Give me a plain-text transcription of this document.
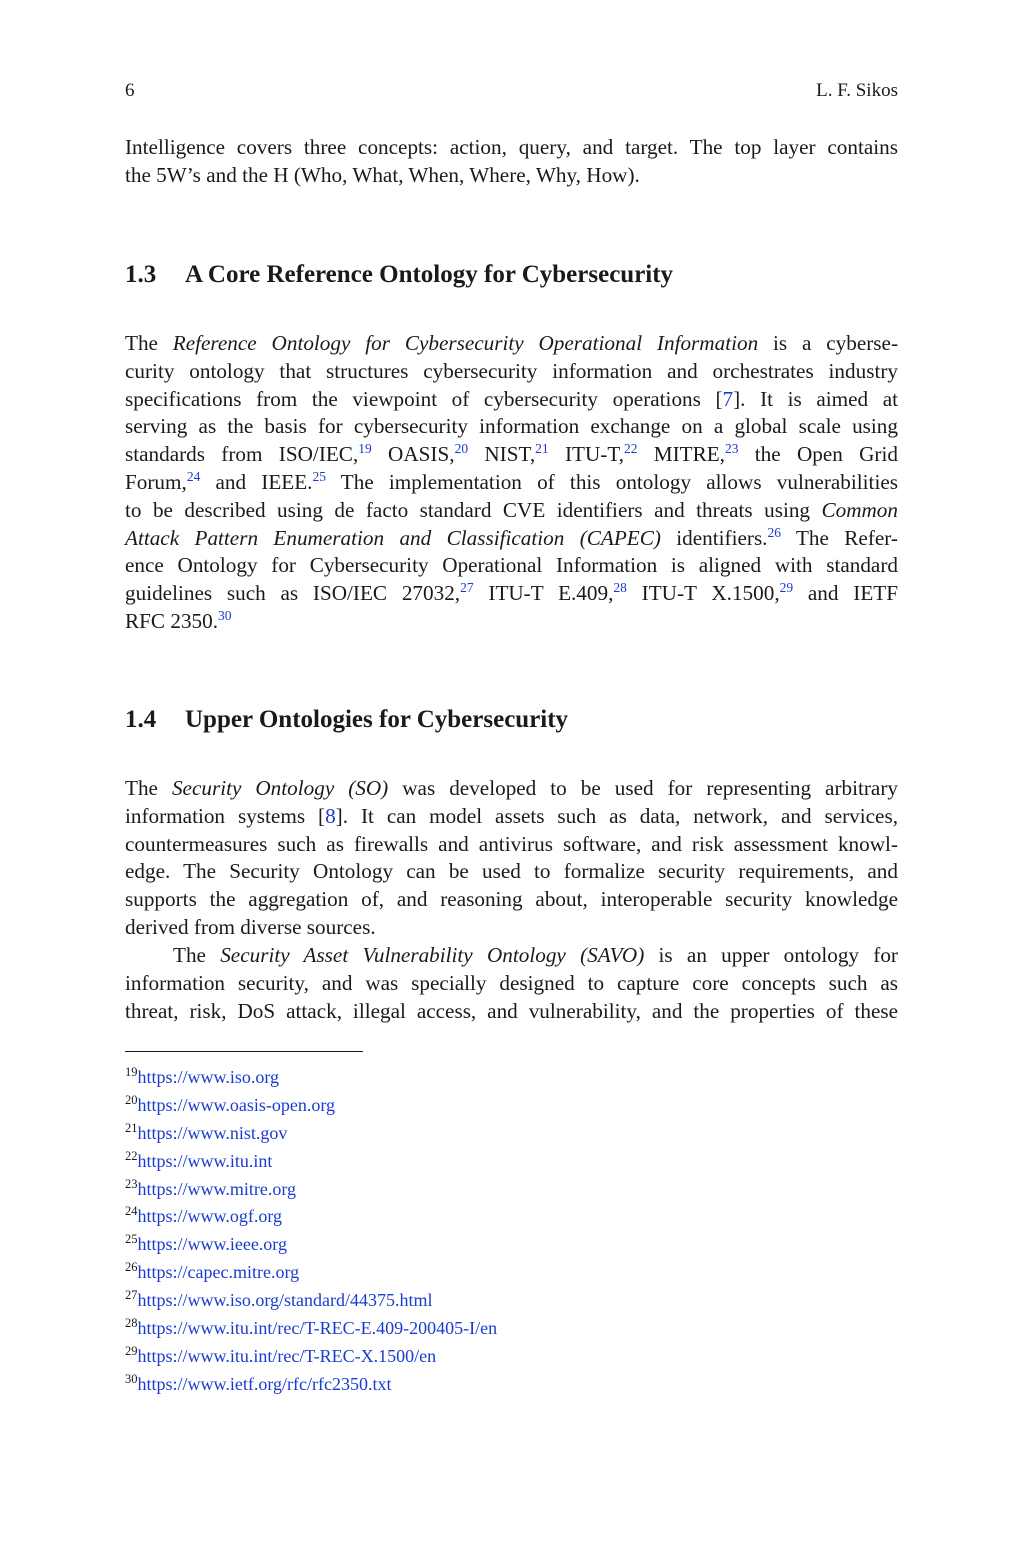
6	L. F. Sikos

Intelligence covers three concepts: action, query, and target. The top layer contains
the 5W’s and the H (Who, What, When, Where, Why, How).

1.3 A Core Reference Ontology for Cybersecurity

The Reference Ontology for Cybersecurity Operational Information is a cyberse-
curity ontology that structures cybersecurity information and orchestrates industry
specifications from the viewpoint of cybersecurity operations [7]. It is aimed at
serving as the basis for cybersecurity information exchange on a global scale using
standards from ISO/IEC,$^{19}$ OASIS,$^{20}$ NIST,$^{21}$ ITU-T,$^{22}$ MITRE,$^{23}$ the Open Grid
Forum,$^{24}$ and IEEE.$^{25}$ The implementation of this ontology allows vulnerabilities
to be described using de facto standard CVE identifiers and threats using Common
Attack Pattern Enumeration and Classification (CAPEC) identifiers.$^{26}$ The Refer-
ence Ontology for Cybersecurity Operational Information is aligned with standard
guidelines such as ISO/IEC 27032,27 ITU-T E.409,28 ITU-T X.1500,29 and IETF
RFC 2350.30

1.4 Upper Ontologies for Cybersecurity

The Security Ontology (SO) was developed to be used for representing arbitrary
information systems [8]. It can model assets such as data, network, and services,
countermeasures such as firewalls and antivirus software, and risk assessment knowl-
edge. The Security Ontology can be used to formalize security requirements, and
supports the aggregation of, and reasoning about, interoperable security knowledge
derived from diverse sources.

The Security Asset Vulnerability Ontology (SAVO) is an upper ontology for
information security, and was specially designed to capture core concepts such as
threat, risk, DoS attack, illegal access, and vulnerability, and the properties of these

$^{19}$https://www.iso.org
$^{20}$https://www.oasis-open.org
$^{21}$https://www.nist.gov
$^{22}$https://www.itu.int
$^{23}$https://www.mitre.org
$^{24}$https://www.ogf.org
$^{25}$https://www.ieee.org
$^{26}$https://capec.mitre.org
$^{27}$https://www.iso.org/standard/44375.html
$^{28}$https://www.itu.int/rec/T-REC-E.409-200405-I/en
$^{29}$https://www.itu.int/rec/T-REC-X.1500/en
$^{30}$https://www.ietf.org/rfc/rfc2350.txt
